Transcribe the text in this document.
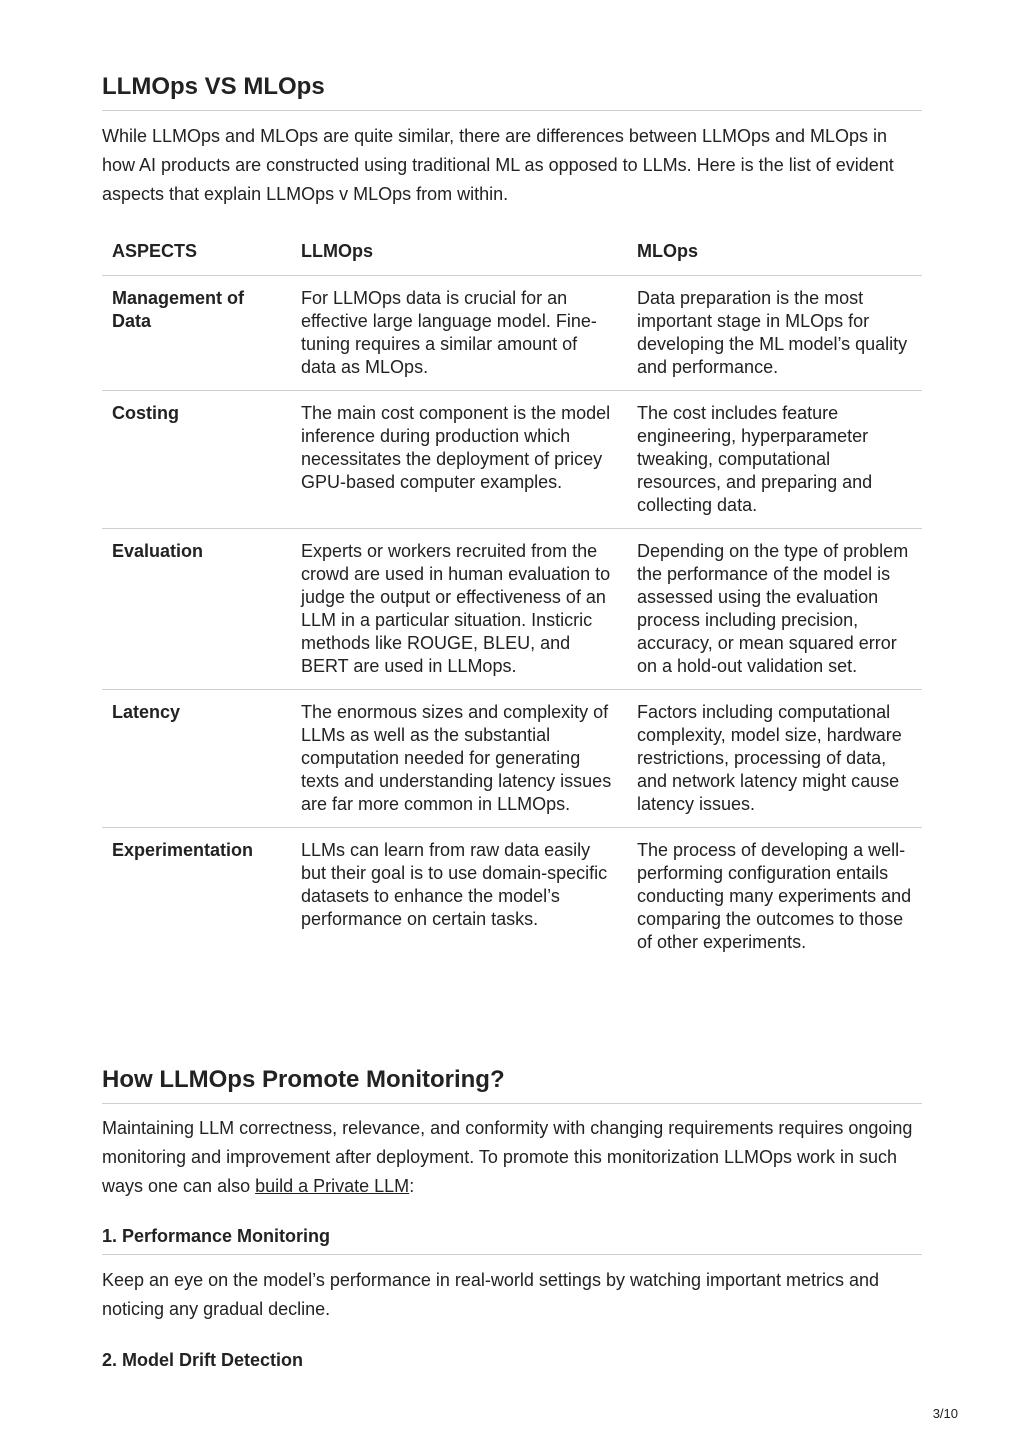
LLMOps VS MLOps

While LLMOps and MLOps are quite similar, there are differences between LLMOps and MLOps in how AI products are constructed using traditional ML as opposed to LLMs. Here is the list of evident aspects that explain LLMOps v MLOps from within.

ASPECTS	LLMOps	MLOps
Management of Data	For LLMOps data is crucial for an effective large language model. Fine-tuning requires a similar amount of data as MLOps.	Data preparation is the most important stage in MLOps for developing the ML model’s quality and performance.
Costing	The main cost component is the model inference during production which necessitates the deployment of pricey GPU-based computer examples.	The cost includes feature engineering, hyperparameter tweaking, computational resources, and preparing and collecting data.
Evaluation	Experts or workers recruited from the crowd are used in human evaluation to judge the output or effectiveness of an LLM in a particular situation. Insticric methods like ROUGE, BLEU, and BERT are used in LLMops.	Depending on the type of problem the performance of the model is assessed using the evaluation process including precision, accuracy, or mean squared error on a hold-out validation set.
Latency	The enormous sizes and complexity of LLMs as well as the substantial computation needed for generating texts and understanding latency issues are far more common in LLMOps.	Factors including computational complexity, model size, hardware restrictions, processing of data, and network latency might cause latency issues.
Experimentation	LLMs can learn from raw data easily but their goal is to use domain-specific datasets to enhance the model’s performance on certain tasks.	The process of developing a well-performing configuration entails conducting many experiments and comparing the outcomes to those of other experiments.
How LLMOps Promote Monitoring?

Maintaining LLM correctness, relevance, and conformity with changing requirements requires ongoing monitoring and improvement after deployment. To promote this monitorization LLMOps work in such ways one can also build a Private LLM:

1. Performance Monitoring

Keep an eye on the model’s performance in real-world settings by watching important metrics and noticing any gradual decline.

2. Model Drift Detection
3/10
